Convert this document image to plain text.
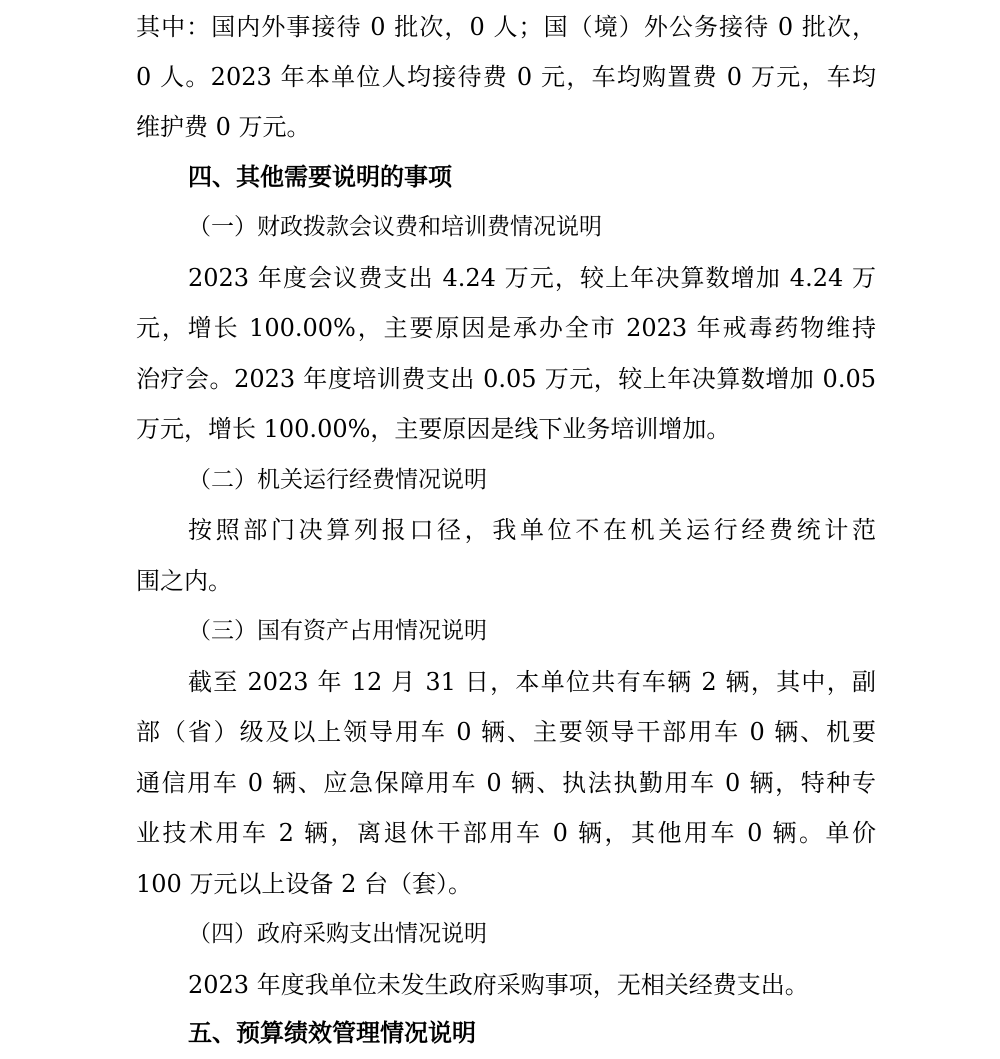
其中：国内外事接待 0 批次，0 人；国（境）外公务接待 0 批次，
0 人。2023 年本单位人均接待费 0 元，车均购置费 0 万元，车均
维护费 0 万元。
四、其他需要说明的事项
（一）财政拨款会议费和培训费情况说明
2023 年度会议费支出 4.24 万元，较上年决算数增加 4.24 万
元，增长 100.00%，主要原因是承办全市 2023 年戒毒药物维持
治疗会。2023 年度培训费支出 0.05 万元，较上年决算数增加 0.05
万元，增长 100.00%，主要原因是线下业务培训增加。
（二）机关运行经费情况说明
按照部门决算列报口径，我单位不在机关运行经费统计范
围之内。
（三）国有资产占用情况说明
截至 2023 年 12 月 31 日，本单位共有车辆 2 辆，其中，副
部（省）级及以上领导用车 0 辆、主要领导干部用车 0 辆、机要
通信用车 0 辆、应急保障用车 0 辆、执法执勤用车 0 辆，特种专
业技术用车 2 辆，离退休干部用车 0 辆，其他用车 0 辆。单价
100 万元以上设备 2 台（套）。
（四）政府采购支出情况说明
2023 年度我单位未发生政府采购事项，无相关经费支出。
五、预算绩效管理情况说明
